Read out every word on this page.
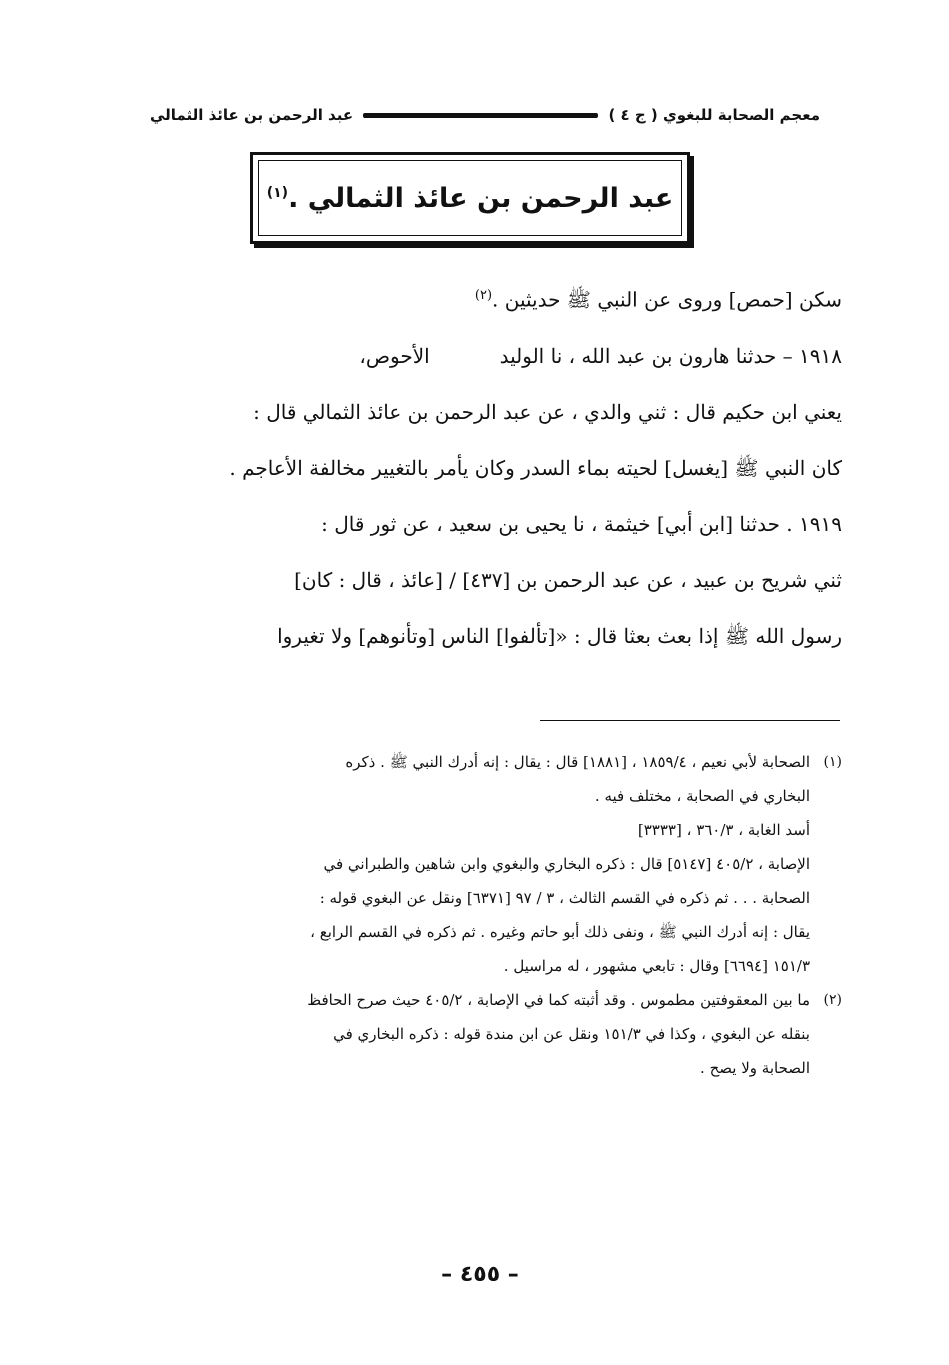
معجم الصحابة للبغوي ( ج ٤ )
عبد الرحمن بن عائذ الثمالي
عبد الرحمن بن عائذ الثمالي .$^{(١)}$

سكن [حمص] وروى عن النبي ﷺ حديثين .$^{(٢)}$

١٩١٨ – حدثنا هارون بن عبد الله ، نا الوليد           الأحوص،

يعني ابن حكيم قال : ثني والدي ، عن عبد الرحمن بن عائذ الثمالي قال :

كان النبي ﷺ [يغسل] لحيته بماء السدر وكان يأمر بالتغيير مخالفة الأعاجم .

١٩١٩ . حدثنا [ابن أبي] خيثمة ، نا يحيى بن سعيد ، عن ثور قال :

ثني شريح بن عبيد ، عن عبد الرحمن بن [٤٣٧] / [عائذ ، قال : كان]

رسول الله ﷺ إذا بعث بعثا قال : «[تألفوا] الناس [وتأنوهم] ولا تغيروا

(١)
الصحابة لأبي نعيم ، ١٨٥٩/٤ ، [١٨٨١] قال : يقال : إنه أدرك النبي ﷺ . ذكره
البخاري في الصحابة ، مختلف فيه .
أسد الغابة ، ٣٦٠/٣ ، [٣٣٣٣]
الإصابة ، ٤٠٥/٢ [٥١٤٧] قال : ذكره البخاري والبغوي وابن شاهين والطبراني في
الصحابة . . . ثم ذكره في القسم الثالث ، ٣ / ٩٧ [٦٣٧١] ونقل عن البغوي قوله :
يقال : إنه أدرك النبي ﷺ ، ونفى ذلك أبو حاتم وغيره . ثم ذكره في القسم الرابع ،
١٥١/٣ [٦٦٩٤] وقال : تابعي مشهور ، له مراسيل .
(٢)
ما بين المعقوفتين مطموس . وقد أثبته كما في الإصابة ، ٤٠٥/٢ حيث صرح الحافظ
بنقله عن البغوي ، وكذا في ١٥١/٣ ونقل عن ابن مندة قوله : ذكره البخاري في
الصحابة ولا يصح .
– ٤٥٥ –
